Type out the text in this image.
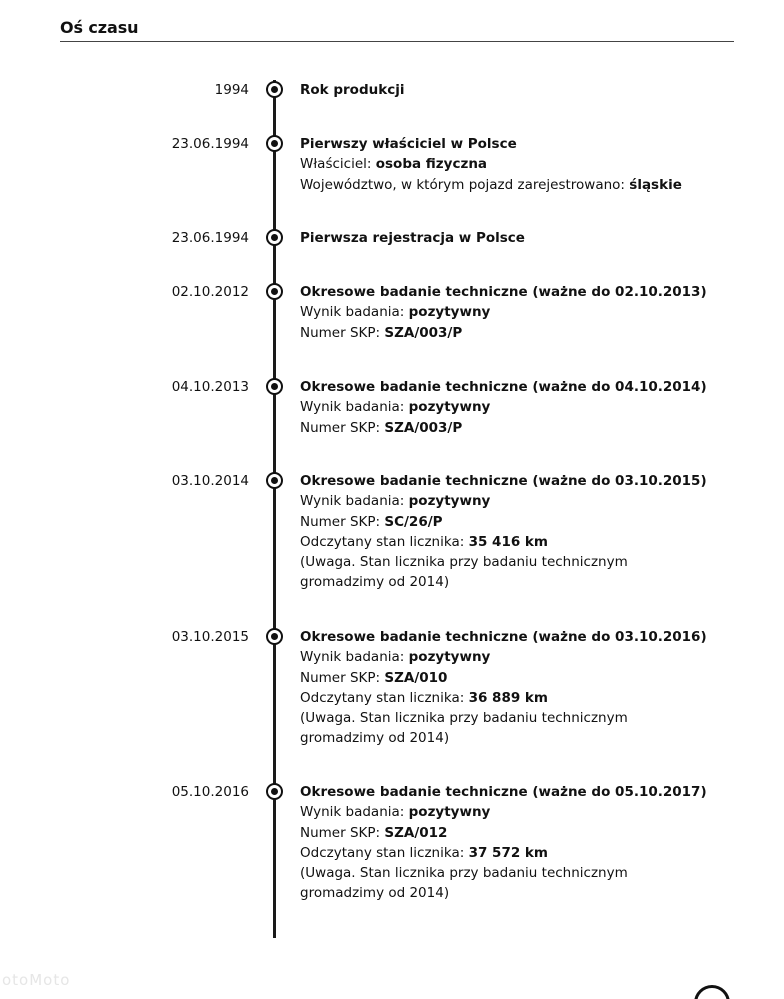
Oś czasu
1994	Rok produkcji
23.06.1994	Pierwszy właściciel w Polsce
Właściciel: osoba fizyczna
Województwo, w którym pojazd zarejestrowano: śląskie
23.06.1994	Pierwsza rejestracja w Polsce
02.10.2012	Okresowe badanie techniczne (ważne do 02.10.2013)
Wynik badania: pozytywny
Numer SKP: SZA/003/P
04.10.2013	Okresowe badanie techniczne (ważne do 04.10.2014)
Wynik badania: pozytywny
Numer SKP: SZA/003/P
03.10.2014	Okresowe badanie techniczne (ważne do 03.10.2015)
Wynik badania: pozytywny
Numer SKP: SC/26/P
Odczytany stan licznika: 35 416 km
(Uwaga. Stan licznika przy badaniu technicznym gromadzimy od 2014)
03.10.2015	Okresowe badanie techniczne (ważne do 03.10.2016)
Wynik badania: pozytywny
Numer SKP: SZA/010
Odczytany stan licznika: 36 889 km
(Uwaga. Stan licznika przy badaniu technicznym gromadzimy od 2014)
05.10.2016	Okresowe badanie techniczne (ważne do 05.10.2017)
Wynik badania: pozytywny
Numer SKP: SZA/012
Odczytany stan licznika: 37 572 km
(Uwaga. Stan licznika przy badaniu technicznym gromadzimy od 2014)
otoMoto
